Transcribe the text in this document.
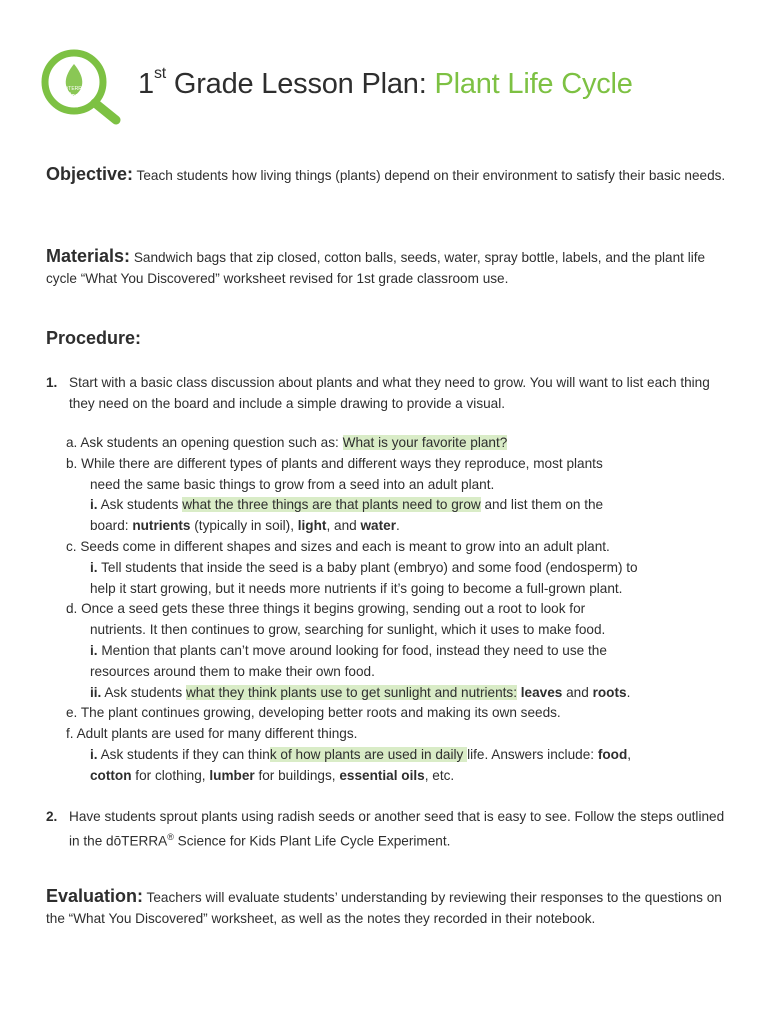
dōTERRA
Science
for Kids
1st Grade Lesson Plan: Plant Life Cycle
Objective: Teach students how living things (plants) depend on their environment to satisfy their basic needs.
Materials: Sandwich bags that zip closed, cotton balls, seeds, water, spray bottle, labels, and the plant life cycle “What You Discovered” worksheet revised for 1st grade classroom use.
Procedure:
1. Start with a basic class discussion about plants and what they need to grow. You will want to list each thing they need on the board and include a simple drawing to provide a visual.
a. Ask students an opening question such as: What is your favorite plant?
b. While there are different types of plants and different ways they reproduce, most plants
need the same basic things to grow from a seed into an adult plant.
i. Ask students what the three things are that plants need to grow and list them on the
board: nutrients (typically in soil), light, and water.
c. Seeds come in different shapes and sizes and each is meant to grow into an adult plant.
i. Tell students that inside the seed is a baby plant (embryo) and some food (endosperm) to
help it start growing, but it needs more nutrients if it’s going to become a full-grown plant.
d. Once a seed gets these three things it begins growing, sending out a root to look for
nutrients. It then continues to grow, searching for sunlight, which it uses to make food.
i. Mention that plants can’t move around looking for food, instead they need to use the
resources around them to make their own food.
ii. Ask students what they think plants use to get sunlight and nutrients: leaves and roots.
e. The plant continues growing, developing better roots and making its own seeds.
f. Adult plants are used for many different things.
i. Ask students if they can think of how plants are used in daily life. Answers include: food,
cotton for clothing, lumber for buildings, essential oils, etc.
2. Have students sprout plants using radish seeds or another seed that is easy to see. Follow the steps outlined in the dōTERRA® Science for Kids Plant Life Cycle Experiment.
Evaluation: Teachers will evaluate students’ understanding by reviewing their responses to the questions on the “What You Discovered” worksheet, as well as the notes they recorded in their notebook.
